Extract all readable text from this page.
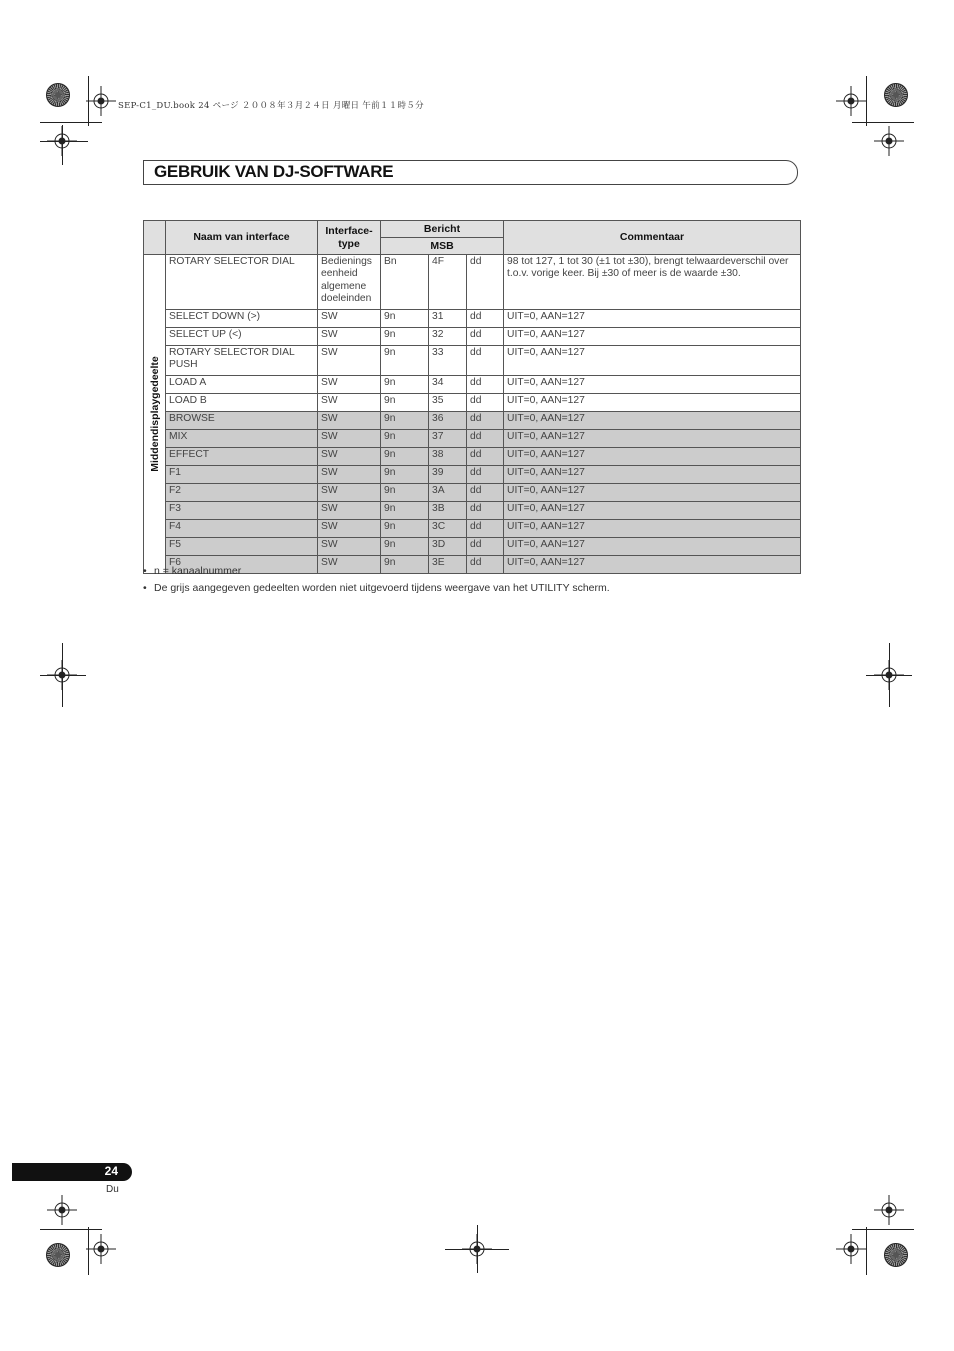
SEP-C1_DU.book 24 ページ ２００８年３月２４日 月曜日 午前１１時５分
GEBRUIK VAN DJ-SOFTWARE
	Naam van interface	Interface-type	Bericht			Commentaar
			MSB			

Middendisplaygedeelte	ROTARY SELECTOR DIAL	Bedienings eenheid algemene doeleinden	Bn	4F	dd	98 tot 127, 1 tot 30 (±1 tot ±30), brengt telwaardeverschil over t.o.v. vorige keer. Bij ±30 of meer is de waarde ±30.
	SELECT DOWN (>)	SW	9n	31	dd	UIT=0, AAN=127
	SELECT UP (<)	SW	9n	32	dd	UIT=0, AAN=127
	ROTARY SELECTOR DIAL PUSH	SW	9n	33	dd	UIT=0, AAN=127
	LOAD A	SW	9n	34	dd	UIT=0, AAN=127
	LOAD B	SW	9n	35	dd	UIT=0, AAN=127
	BROWSE	SW	9n	36	dd	UIT=0, AAN=127
	MIX	SW	9n	37	dd	UIT=0, AAN=127
	EFFECT	SW	9n	38	dd	UIT=0, AAN=127
	F1	SW	9n	39	dd	UIT=0, AAN=127
	F2	SW	9n	3A	dd	UIT=0, AAN=127
	F3	SW	9n	3B	dd	UIT=0, AAN=127
	F4	SW	9n	3C	dd	UIT=0, AAN=127
	F5	SW	9n	3D	dd	UIT=0, AAN=127
	F6	SW	9n	3E	dd	UIT=0, AAN=127
• n = kanaalnummer
• De grijs aangegeven gedeelten worden niet uitgevoerd tijdens weergave van het UTILITY scherm.
24
Du
